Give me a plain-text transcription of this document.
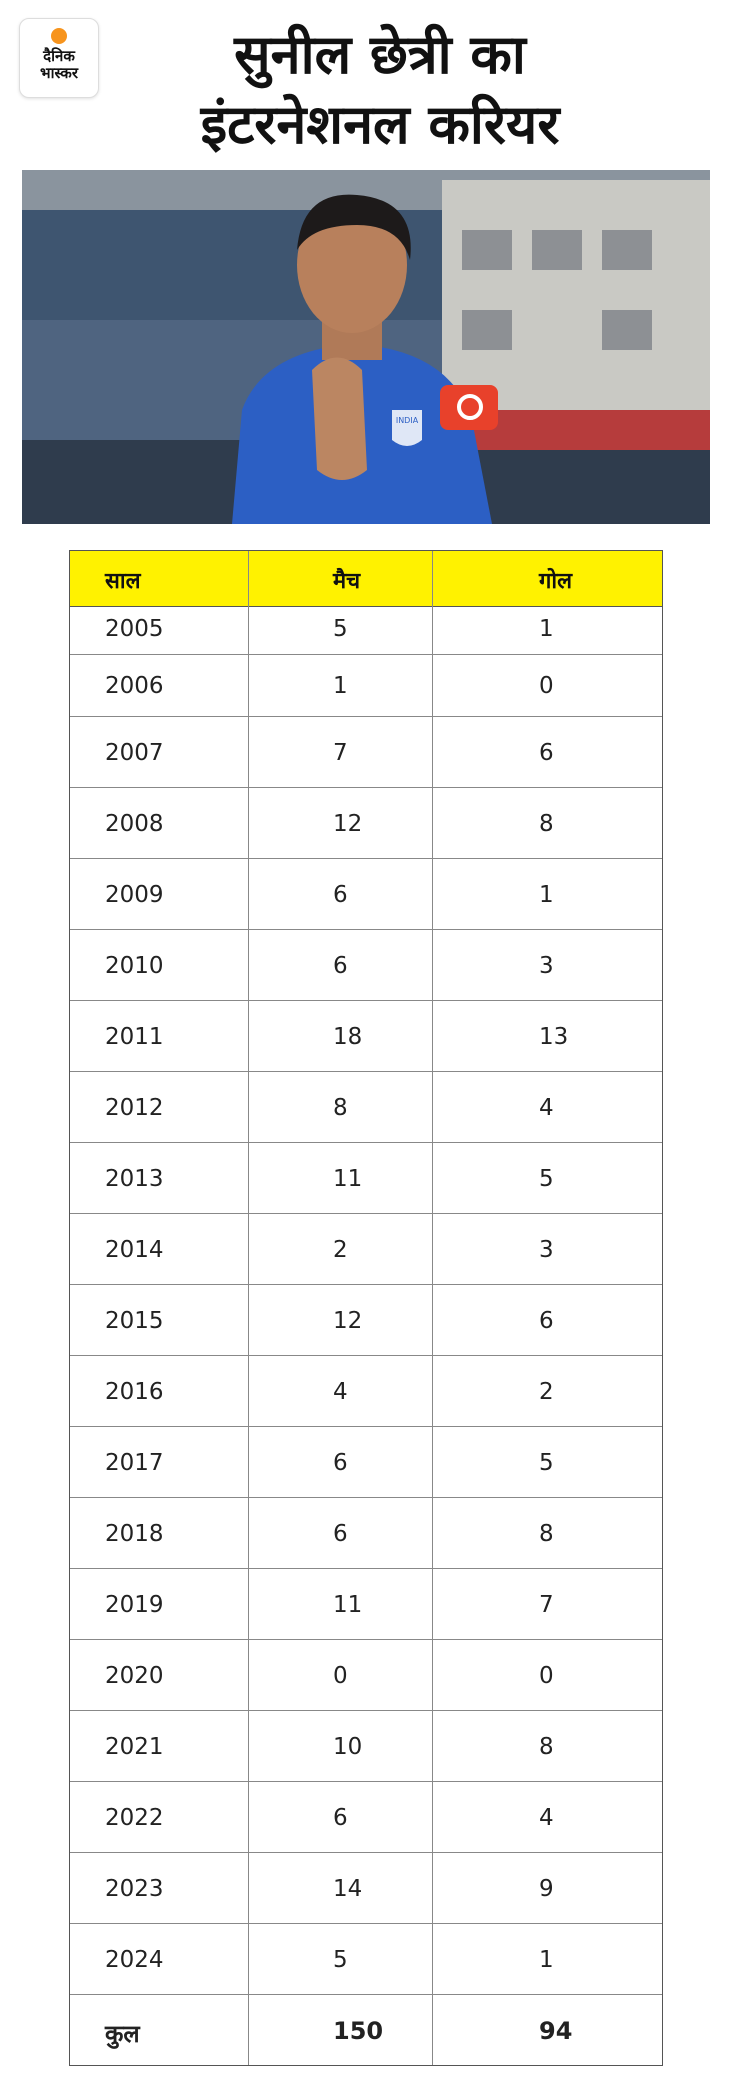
दैनिक
भास्कर	सुनील छेत्री का
इंटरनेशनल करियर
INDIA
साल	मैच	गोल
2005	5	1
2006	1	0
2007	7	6
2008	12	8
2009	6	1
2010	6	3
2011	18	13
2012	8	4
2013	11	5
2014	2	3
2015	12	6
2016	4	2
2017	6	5
2018	6	8
2019	11	7
2020	0	0
2021	10	8
2022	6	4
2023	14	9
2024	5	1
कुल	150	94
